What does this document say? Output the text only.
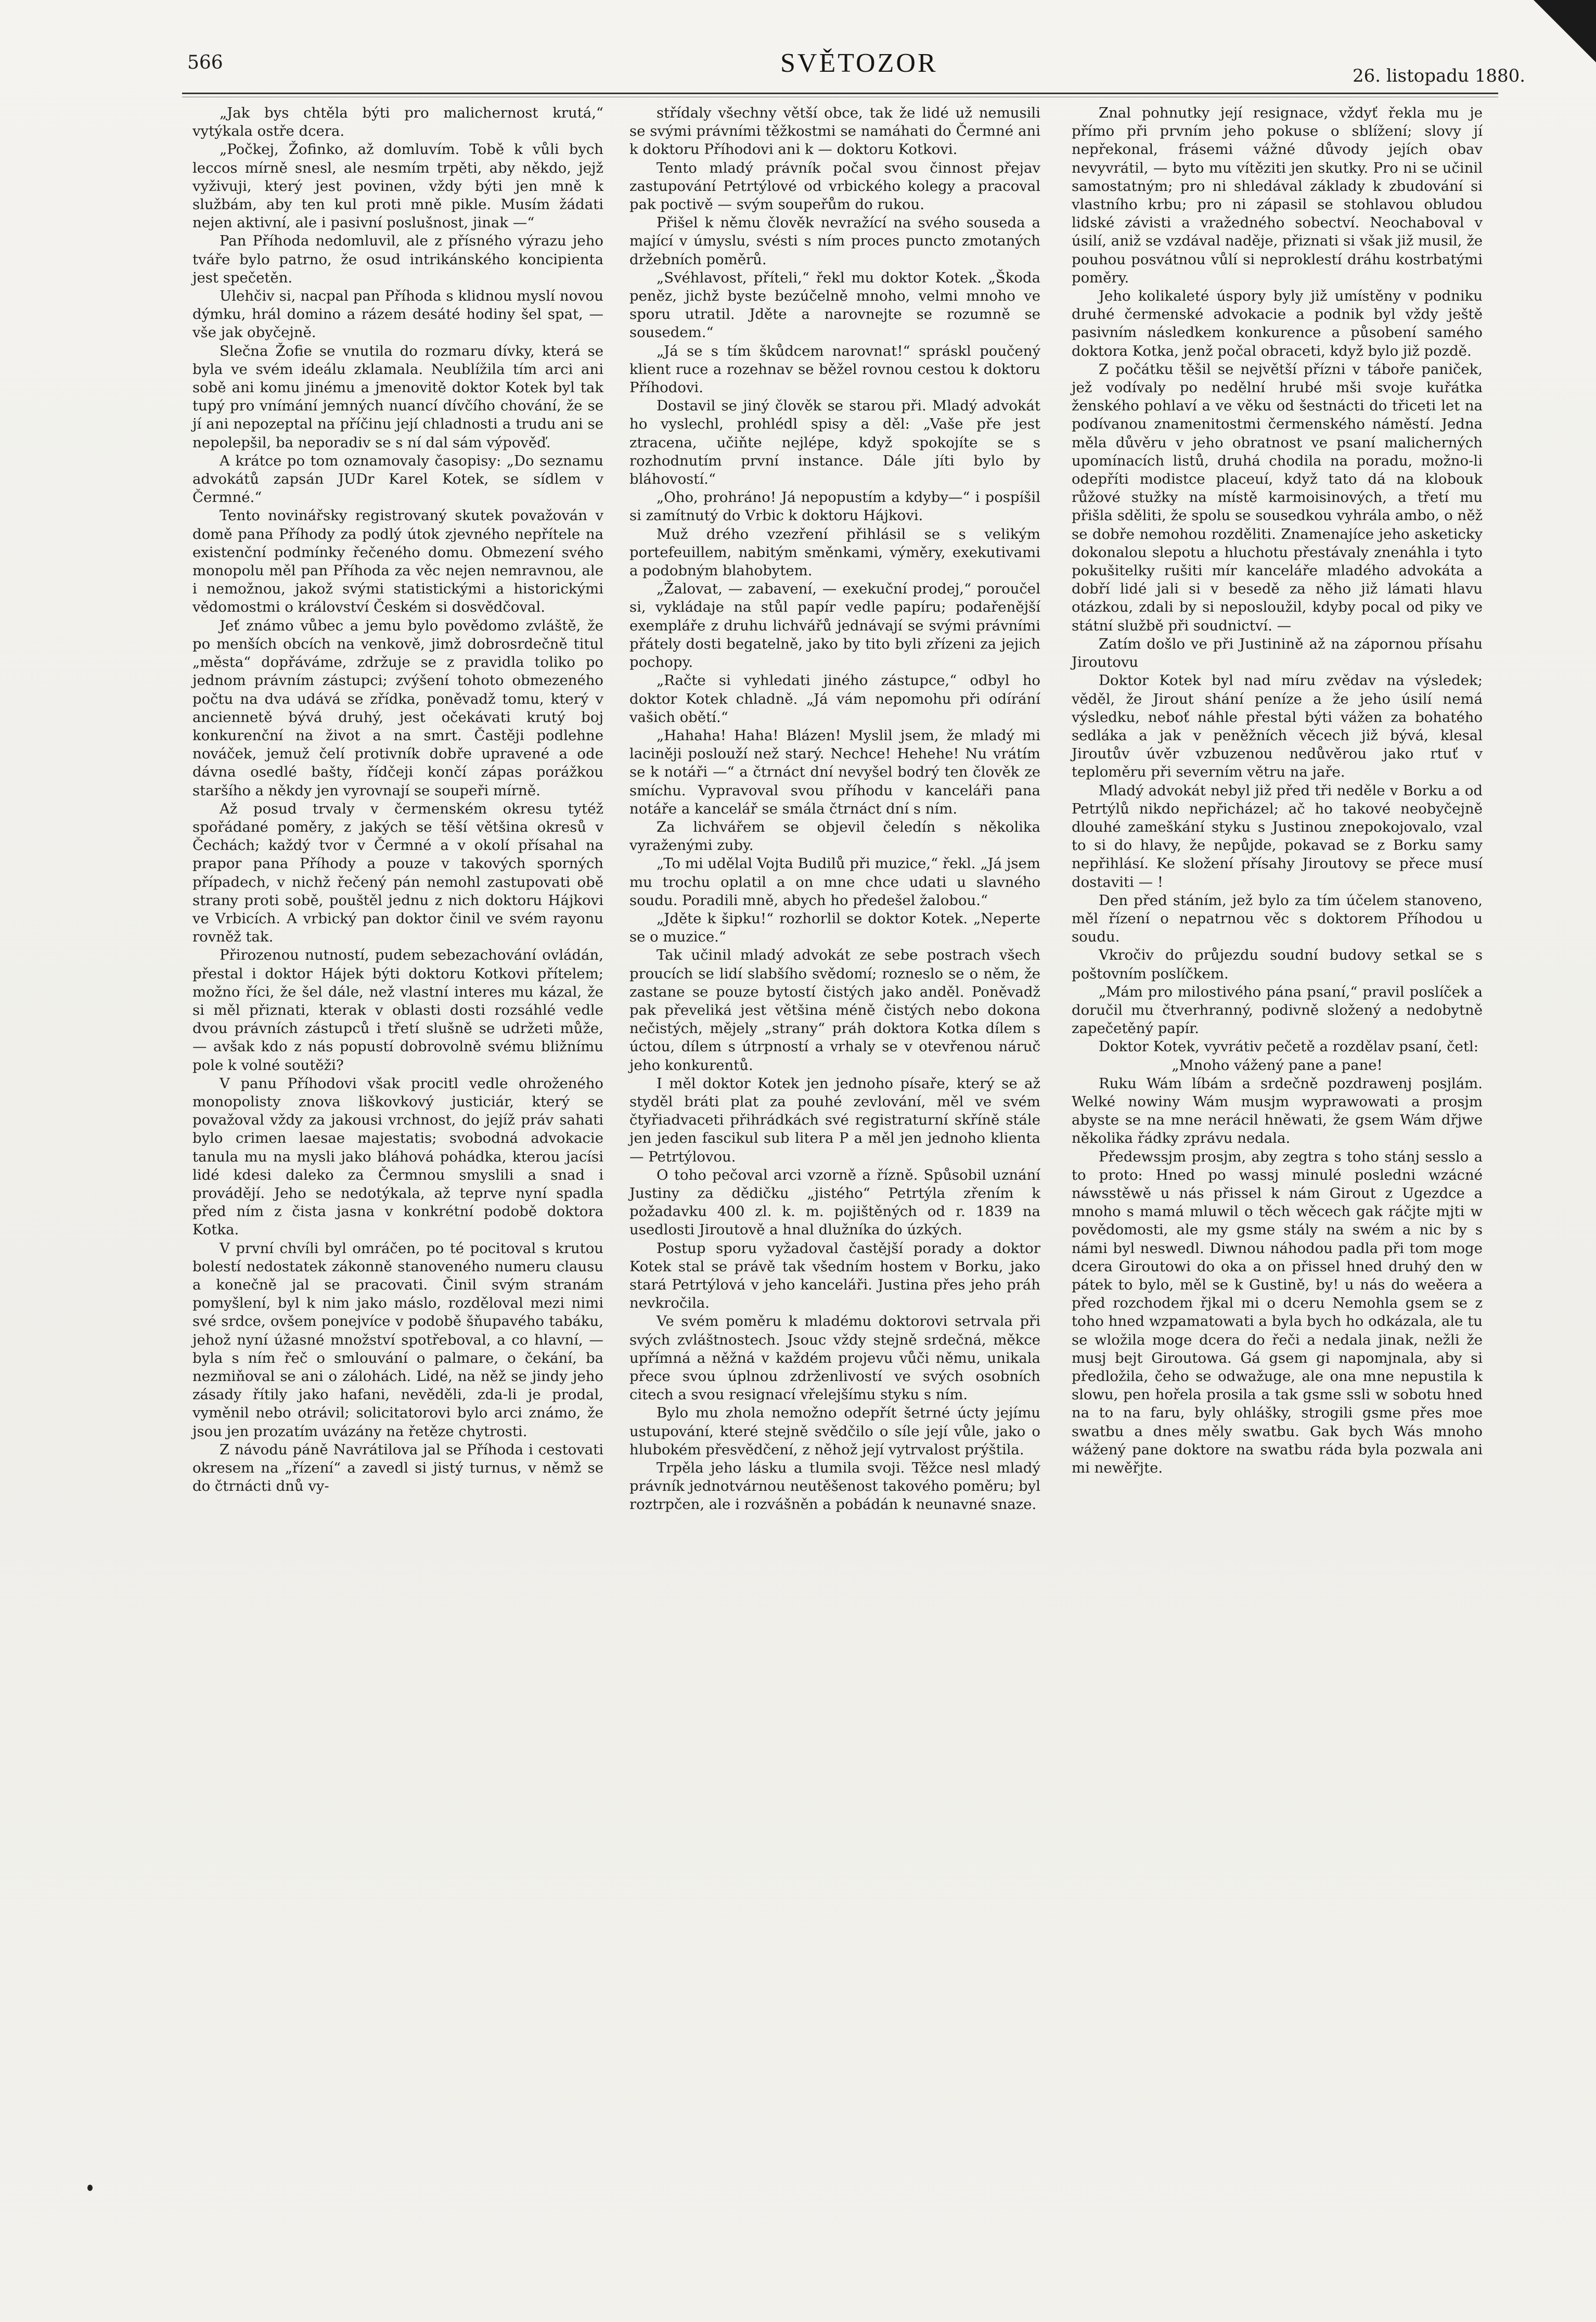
566	SVĚTOZOR	26. listopadu 1880.

„Jak bys chtěla býti pro malichernost krutá,“ vytýkala ostře dcera.

„Počkej, Žofinko, až domluvím. Tobě k vůli bych leccos mírně snesl, ale nesmím trpěti, aby někdo, jejž vyživuji, který jest povinen, vždy býti jen mně k službám, aby ten kul proti mně pikle. Musím žádati nejen aktivní, ale i pasivní poslušnost, jinak —“

Pan Příhoda nedomluvil, ale z přísného výrazu jeho tváře bylo patrno, že osud intrikánského koncipienta jest spečetěn.

Ulehčiv si, nacpal pan Příhoda s klidnou myslí novou dýmku, hrál domino a rázem desáté hodiny šel spat, — vše jak obyčejně.

Slečna Žofie se vnutila do rozmaru dívky, která se byla ve svém ideálu zklamala. Neublížila tím arci ani sobě ani komu jinému a jmenovitě doktor Kotek byl tak tupý pro vnímání jemných nuancí dívčího chování, že se jí ani nepozeptal na příčinu její chladnosti a trudu ani se nepolepšil, ba neporadiv se s ní dal sám výpověď.

A krátce po tom oznamovaly časopisy: „Do seznamu advokátů zapsán JUDr Karel Kotek, se sídlem v Čermné.“

Tento novinářsky registrovaný skutek považován v domě pana Příhody za podlý útok zjevného nepřítele na existenční podmínky řečeného domu. Obmezení svého monopolu měl pan Příhoda za věc nejen nemravnou, ale i nemožnou, jakož svými statistickými a historickými vědomostmi o království Českém si dosvědčoval.

Jeť známo vůbec a jemu bylo povědomo zvláště, že po menších obcích na venkově, jimž dobrosrdečně titul „města“ dopřáváme, zdržuje se z pravidla toliko po jednom právním zástupci; zvýšení tohoto obmezeného počtu na dva udává se zřídka, poněvadž tomu, který v anciennetě bývá druhý, jest očekávati krutý boj konkurenční na život a na smrt. Častěji podlehne nováček, jemuž čelí protivník dobře upravené a ode dávna osedlé bašty, řídčeji končí zápas porážkou staršího a někdy jen vyrovnají se soupeři mírně.

Až posud trvaly v čermenském okresu tytéž spořádané poměry, z jakých se těší většina okresů v Čechách; každý tvor v Čermné a v okolí přísahal na prapor pana Příhody a pouze v takových sporných případech, v nichž řečený pán nemohl zastupovati obě strany proti sobě, pouštěl jednu z nich doktoru Hájkovi ve Vrbicích. A vrbický pan doktor činil ve svém rayonu rovněž tak.

Přirozenou nutností, pudem sebezachování ovládán, přestal i doktor Hájek býti doktoru Kotkovi přítelem; možno říci, že šel dále, než vlastní interes mu kázal, že si měl přiznati, kterak v oblasti dosti rozsáhlé vedle dvou právních zástupců i třetí slušně se udržeti může, — avšak kdo z nás popustí dobrovolně svému bližnímu pole k volné soutěži?

V panu Příhodovi však procitl vedle ohroženého monopolisty znova liškovkový justiciár, který se považoval vždy za jakousi vrchnost, do jejíž práv sahati bylo crimen laesae majestatis; svobodná advokacie tanula mu na mysli jako bláhová pohádka, kterou jacísi lidé kdesi daleko za Čermnou smyslili a snad i provádějí. Jeho se nedotýkala, až teprve nyní spadla před ním z čista jasna v konkrétní podobě doktora Kotka.

V první chvíli byl omráčen, po té pocitoval s krutou bolestí nedostatek zákonně stanoveného numeru clausu a konečně jal se pracovati. Činil svým stranám pomyšlení, byl k nim jako máslo, rozděloval mezi nimi své srdce, ovšem ponejvíce v podobě šňupavého tabáku, jehož nyní úžasné množství spotřeboval, a co hlavní, — byla s ním řeč o smlouvání o palmare, o čekání, ba nezmiňoval se ani o zálohách. Lidé, na něž se jindy jeho zásady řítily jako hafani, nevěděli, zda-li je prodal, vyměnil nebo otrávil; solicitatorovi bylo arci známo, že jsou jen prozatím uvázány na řetěze chytrosti.

Z návodu páně Navrátilova jal se Příhoda i cestovati okresem na „řízení“ a zavedl si jistý turnus, v němž se do čtrnácti dnů vy-

střídaly všechny větší obce, tak že lidé už nemusili se svými právními těžkostmi se namáhati do Čermné ani k doktoru Příhodovi ani k — doktoru Kotkovi.

Tento mladý právník počal svou činnost přejav zastupování Petrtýlové od vrbického kolegy a pracoval pak poctivě — svým soupeřům do rukou.

Přišel k němu člověk nevražící na svého souseda a mající v úmyslu, svésti s ním proces puncto zmotaných držebních poměrů.

„Svéhlavost, příteli,“ řekl mu doktor Kotek. „Škoda peněz, jichž byste bezúčelně mnoho, velmi mnoho ve sporu utratil. Jděte a narovnejte se rozumně se sousedem.“

„Já se s tím škůdcem narovnat!“ spráskl poučený klient ruce a rozehnav se běžel rovnou cestou k doktoru Příhodovi.

Dostavil se jiný člověk se starou při. Mladý advokát ho vyslechl, prohlédl spisy a děl: „Vaše pře jest ztracena, učiňte nejlépe, když spokojíte se s rozhodnutím první instance. Dále jíti bylo by bláhovostí.“

„Oho, prohráno! Já nepopustím a kdyby—“ i pospíšil si zamítnutý do Vrbic k doktoru Hájkovi.

Muž drého vzezření přihlásil se s velikým portefeuillem, nabitým směnkami, výměry, exekutivami a podobným blahobytem.

„Žalovat, — zabavení, — exekuční prodej,“ poroučel si, vykládaje na stůl papír vedle papíru; podařenější exempláře z druhu lichvářů jednávají se svými právními přátely dosti begatelně, jako by tito byli zřízeni za jejich pochopy.

„Račte si vyhledati jiného zástupce,“ odbyl ho doktor Kotek chladně. „Já vám nepomohu při odírání vašich obětí.“

„Hahaha! Haha! Blázen! Myslil jsem, že mladý mi laciněji poslouží než starý. Nechce! Hehehe! Nu vrátím se k notáři —“ a čtrnáct dní nevyšel bodrý ten člověk ze smíchu. Vypravoval svou příhodu v kanceláři pana notáře a kancelář se smála čtrnáct dní s ním.

Za lichvářem se objevil čeledín s několika vyraženými zuby.

„To mi udělal Vojta Budilů při muzice,“ řekl. „Já jsem mu trochu oplatil a on mne chce udati u slavného soudu. Poradili mně, abych ho předešel žalobou.“

„Jděte k šipku!“ rozhorlil se doktor Kotek. „Neperte se o muzice.“

Tak učinil mladý advokát ze sebe postrach všech proucích se lidí slabšího svědomí; rozneslo se o něm, že zastane se pouze bytostí čistých jako anděl. Poněvadž pak převeliká jest většina méně čistých nebo dokona nečistých, mějely „strany“ práh doktora Kotka dílem s úctou, dílem s útrpností a vrhaly se v otevřenou náruč jeho konkurentů.

I měl doktor Kotek jen jednoho písaře, který se až styděl bráti plat za pouhé zevlování, měl ve svém čtyřiadvaceti přihrádkách své registraturní skříně stále jen jeden fascikul sub litera P a měl jen jednoho klienta — Petrtýlovou.

O toho pečoval arci vzorně a řízně. Spůsobil uznání Justiny za dědičku „jistého“ Petrtýla zřením k požadavku 400 zl. k. m. pojištěných od r. 1839 na usedlosti Jiroutově a hnal dlužníka do úzkých.

Postup sporu vyžadoval častější porady a doktor Kotek stal se právě tak všedním hostem v Borku, jako stará Petrtýlová v jeho kanceláři. Justina přes jeho práh nevkročila.

Ve svém poměru k mladému doktorovi setrvala při svých zvláštnostech. Jsouc vždy stejně srdečná, měkce upřímná a něžná v každém projevu vůči němu, unikala přece svou úplnou zdrženlivostí ve svých osobních citech a svou resignací vřelejšímu styku s ním.

Bylo mu zhola nemožno odepřít šetrné úcty jejímu ustupování, které stejně svědčilo o síle její vůle, jako o hlubokém přesvědčení, z něhož její vytrvalost prýštila.

Trpěla jeho lásku a tlumila svoji. Těžce nesl mladý právník jednotvárnou neutěšenost takového poměru; byl roztrpčen, ale i rozvášněn a pobádán k neunavné snaze.

Znal pohnutky její resignace, vždyť řekla mu je přímo při prvním jeho pokuse o sblížení; slovy jí nepřekonal, frásemi vážné důvody jejích obav nevyvrátil, — byto mu vítěziti jen skutky. Pro ni se učinil samostatným; pro ni shledával základy k zbudování si vlastního krbu; pro ni zápasil se stohlavou obludou lidské závisti a vražedného sobectví. Neochaboval v úsilí, aniž se vzdával naděje, přiznati si však již musil, že pouhou posvátnou vůlí si neproklestí dráhu kostrbatými poměry.

Jeho kolikaleté úspory byly již umístěny v podniku druhé čermenské advokacie a podnik byl vždy ještě pasivním následkem konkurence a působení samého doktora Kotka, jenž počal obraceti, když bylo již pozdě.

Z počátku těšil se největší přízni v táboře paniček, jež vodívaly po nedělní hrubé mši svoje kuřátka ženského pohlaví a ve věku od šestnácti do třiceti let na podívanou znamenitostmi čermenského náměstí. Jedna měla důvěru v jeho obratnost ve psaní malicherných upomínacích listů, druhá chodila na poradu, možno-li odepříti modistce placeuí, když tato dá na klobouk růžové stužky na místě karmoisinových, a třetí mu přišla sděliti, že spolu se sousedkou vyhrála ambo, o něž se dobře nemohou rozděliti. Znamenajíce jeho asketicky dokonalou slepotu a hluchotu přestávaly znenáhla i tyto pokušitelky rušiti mír kanceláře mladého advokáta a dobří lidé jali si v besedě za něho již lámati hlavu otázkou, zdali by si neposloužil, kdyby pocal od piky ve státní službě při soudnictví. —

Zatím došlo ve při Justinině až na zápornou přísahu Jiroutovu

Doktor Kotek byl nad míru zvědav na výsledek; věděl, že Jirout shání peníze a že jeho úsilí nemá výsledku, neboť náhle přestal býti vážen za bohatého sedláka a jak v peněžních věcech již bývá, klesal Jiroutův úvěr vzbuzenou nedůvěrou jako rtuť v teploměru při severním větru na jaře.

Mladý advokát nebyl již před tři neděle v Borku a od Petrtýlů nikdo nepřicházel; ač ho takové neobyčejně dlouhé zameškání styku s Justinou znepokojovalo, vzal to si do hlavy, že nepůjde, pokavad se z Borku samy nepřihlásí. Ke složení přísahy Jiroutovy se přece musí dostaviti — !

Den před stáním, jež bylo za tím účelem stanoveno, měl řízení o nepatrnou věc s doktorem Příhodou u soudu.

Vkročiv do průjezdu soudní budovy setkal se s poštovním poslíčkem.

„Mám pro milostivého pána psaní,“ pravil poslíček a doručil mu čtverhranný, podivně složený a nedobytně zapečetěný papír.

Doktor Kotek, vyvrátiv pečetě a rozdělav psaní, četl:

„Mnoho vážený pane a pane!

Ruku Wám líbám a srdečně pozdrawenj posjlám. Welké nowiny Wám musjm wyprawowati a prosjm abyste se na mne nerácil hněwati, že gsem Wám dřjwe několika řádky zprávu nedala.

Předewssjm prosjm, aby zegtra s toho stánj sesslo a to proto: Hned po wassj minulé posledni wzácné náwsstěwě u nás přissel k nám Girout z Ugezdce a mnoho s mamá mluwil o těch wěcech gak ráčjte mjti w povědomosti, ale my gsme stály na swém a nic by s námi byl neswedl. Diwnou náhodou padla při tom moge dcera Giroutowi do oka a on přissel hned druhý den w pátek to bylo, měl se k Gustině, by! u nás do weěera a před rozchodem řjkal mi o dceru Nemohla gsem se z toho hned wzpamatowati a byla bych ho odkázala, ale tu se wložila moge dcera do řeči a nedala jinak, nežli že musj bejt Giroutowa. Gá gsem gi napomjnala, aby si předložila, čeho se odwažuge, ale ona mne nepustila k slowu, pen hořela prosila a tak gsme ssli w sobotu hned na to na faru, byly ohlášky, strogili gsme přes moe swatbu a dnes měly swatbu. Gak bych Wás mnoho wážený pane doktore na swatbu ráda byla pozwala ani mi newěřjte.
